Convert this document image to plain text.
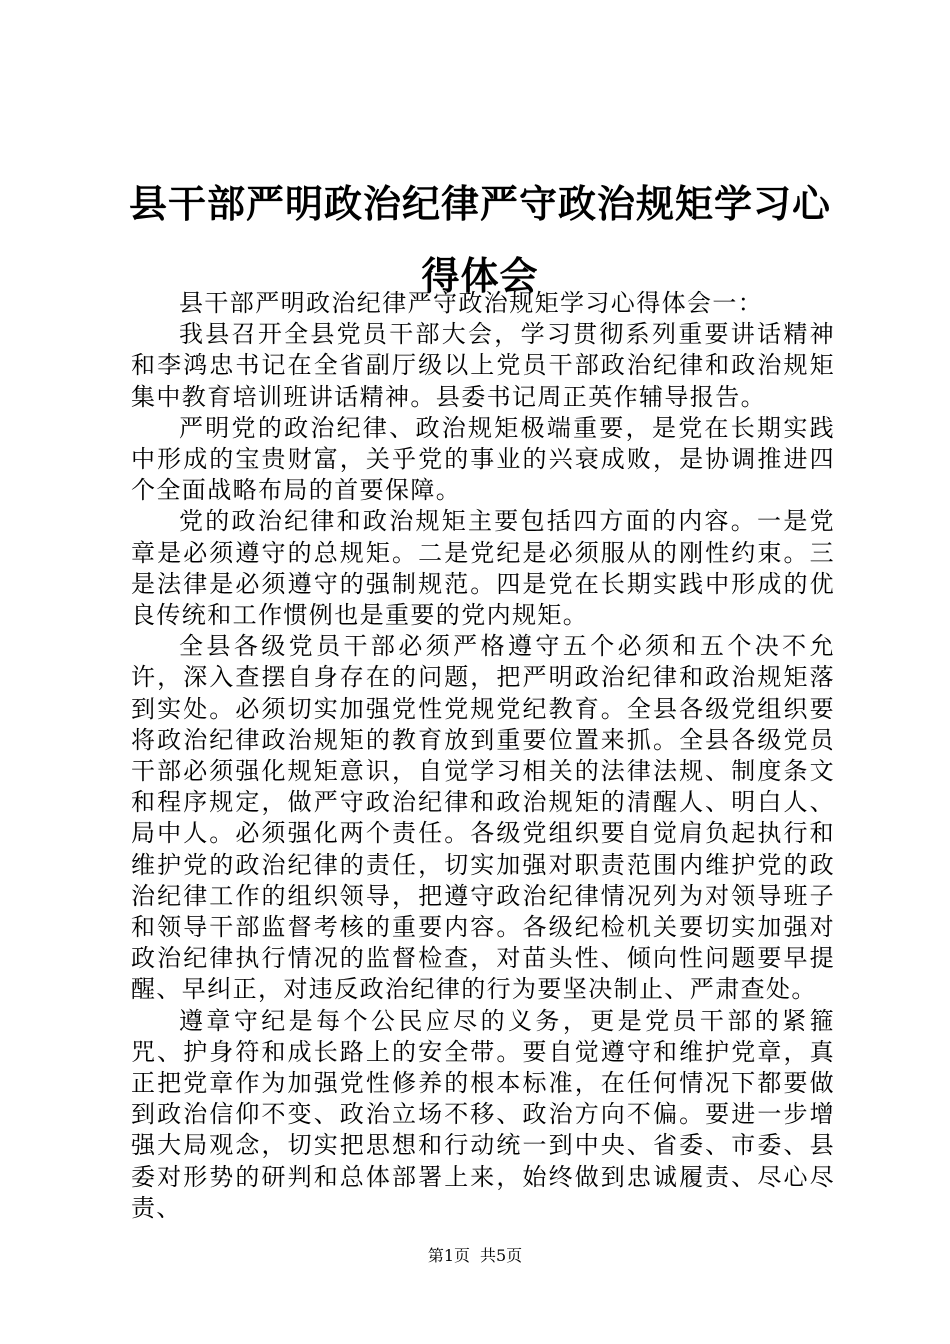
县干部严明政治纪律严守政治规矩学习心得体会

县干部严明政治纪律严守政治规矩学习心得体会一：

我县召开全县党员干部大会，学习贯彻系列重要讲话精神和李鸿忠书记在全省副厅级以上党员干部政治纪律和政治规矩集中教育培训班讲话精神。县委书记周正英作辅导报告。

严明党的政治纪律、政治规矩极端重要，是党在长期实践中形成的宝贵财富，关乎党的事业的兴衰成败，是协调推进四个全面战略布局的首要保障。

党的政治纪律和政治规矩主要包括四方面的内容。一是党章是必须遵守的总规矩。二是党纪是必须服从的刚性约束。三是法律是必须遵守的强制规范。四是党在长期实践中形成的优良传统和工作惯例也是重要的党内规矩。

全县各级党员干部必须严格遵守五个必须和五个决不允许，深入查摆自身存在的问题，把严明政治纪律和政治规矩落到实处。必须切实加强党性党规党纪教育。全县各级党组织要将政治纪律政治规矩的教育放到重要位置来抓。全县各级党员干部必须强化规矩意识，自觉学习相关的法律法规、制度条文和程序规定，做严守政治纪律和政治规矩的清醒人、明白人、局中人。必须强化两个责任。各级党组织要自觉肩负起执行和维护党的政治纪律的责任，切实加强对职责范围内维护党的政治纪律工作的组织领导，把遵守政治纪律情况列为对领导班子和领导干部监督考核的重要内容。各级纪检机关要切实加强对政治纪律执行情况的监督检查，对苗头性、倾向性问题要早提醒、早纠正，对违反政治纪律的行为要坚决制止、严肃查处。

遵章守纪是每个公民应尽的义务，更是党员干部的紧箍咒、护身符和成长路上的安全带。要自觉遵守和维护党章，真正把党章作为加强党性修养的根本标准，在任何情况下都要做到政治信仰不变、政治立场不移、政治方向不偏。要进一步增强大局观念，切实把思想和行动统一到中央、省委、市委、县委对形势的研判和总体部署上来，始终做到忠诚履责、尽心尽责、

第1页 共5页
